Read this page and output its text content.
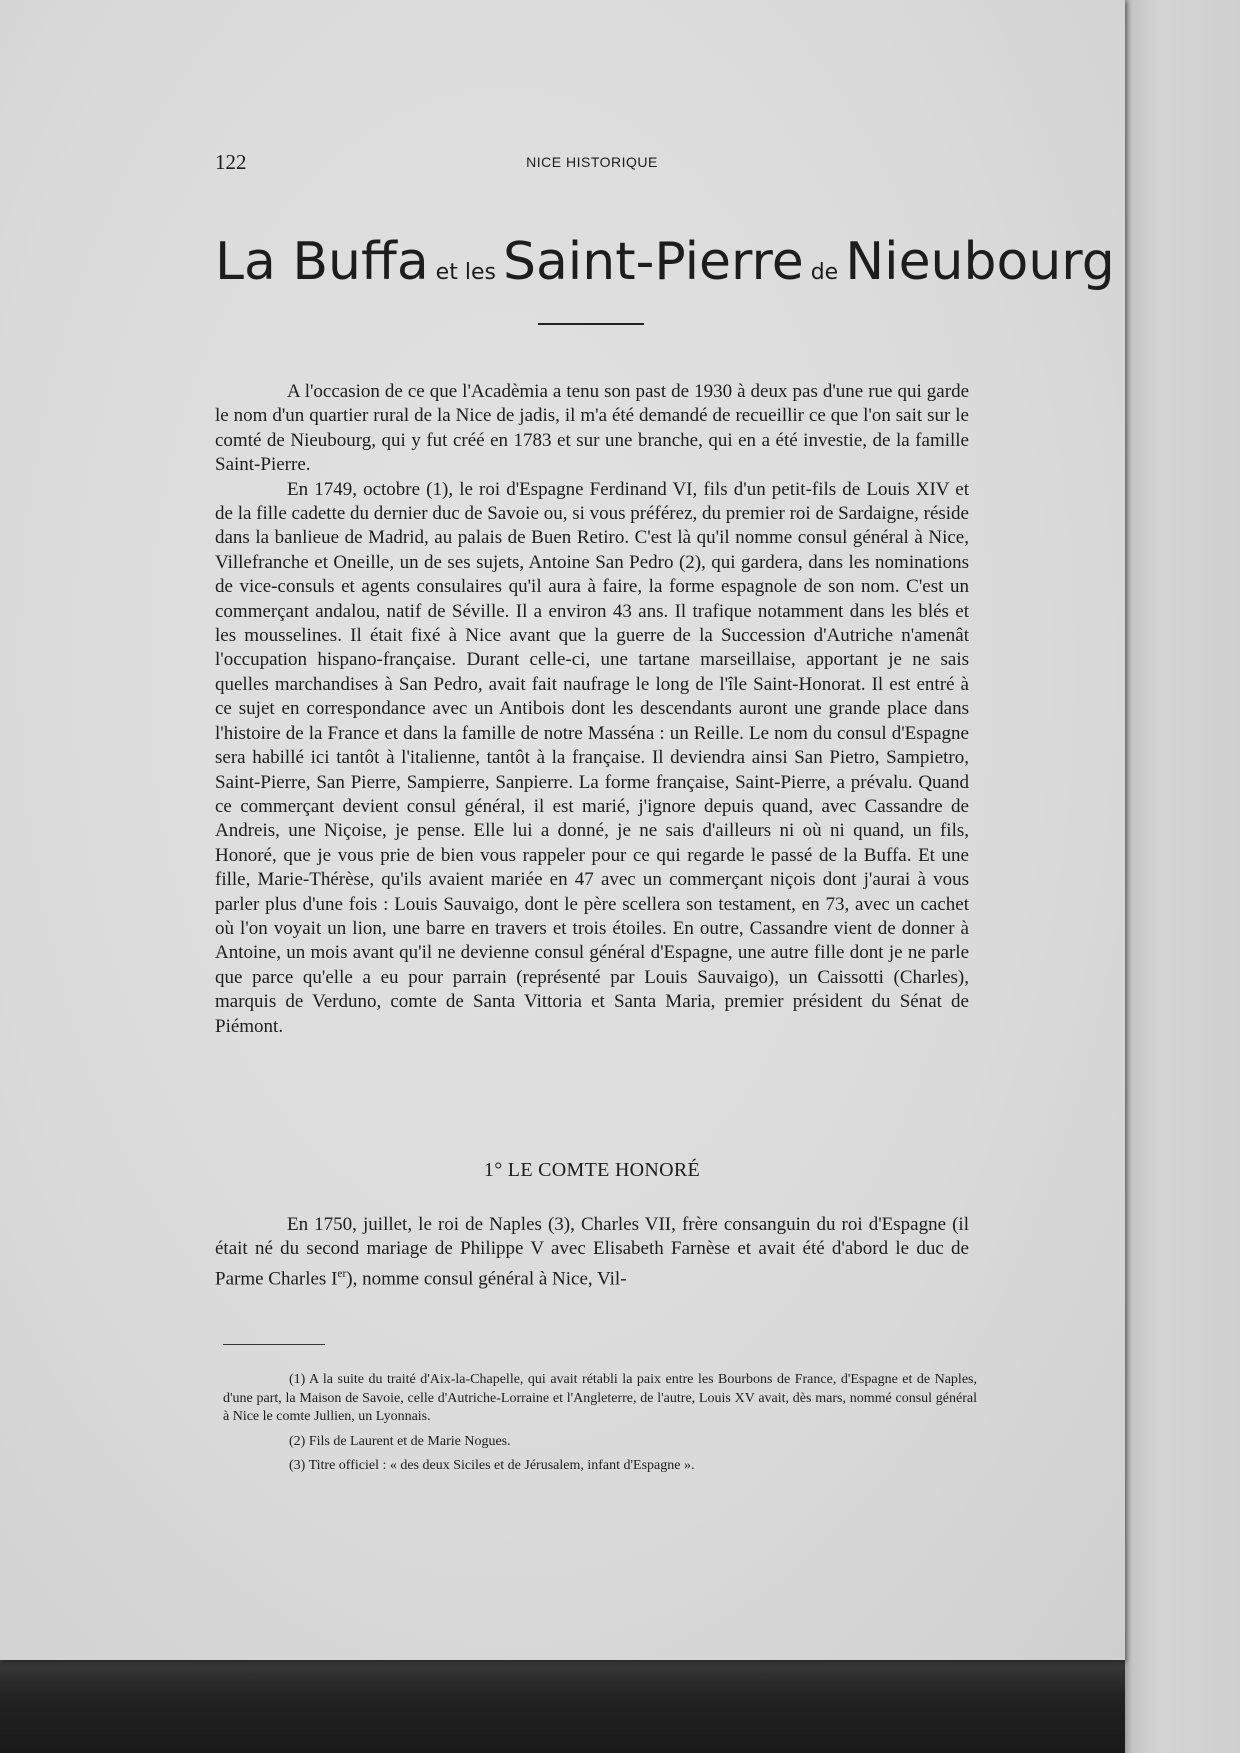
122	NICE HISTORIQUE
La Buffa et les Saint-Pierre de Nieubourg

A l'occasion de ce que l'Acadèmia a tenu son past de 1930 à deux pas d'une rue qui garde le nom d'un quartier rural de la Nice de jadis, il m'a été demandé de recueillir ce que l'on sait sur le comté de Nieubourg, qui y fut créé en 1783 et sur une branche, qui en a été investie, de la famille Saint-Pierre.

En 1749, octobre (1), le roi d'Espagne Ferdinand VI, fils d'un petit-fils de Louis XIV et de la fille cadette du dernier duc de Savoie ou, si vous préférez, du premier roi de Sardaigne, réside dans la banlieue de Madrid, au palais de Buen Retiro. C'est là qu'il nomme consul général à Nice, Villefranche et Oneille, un de ses sujets, Antoine San Pedro (2), qui gardera, dans les nominations de vice-consuls et agents consulaires qu'il aura à faire, la forme espagnole de son nom. C'est un commerçant andalou, natif de Séville. Il a environ 43 ans. Il trafique notamment dans les blés et les mousselines. Il était fixé à Nice avant que la guerre de la Succession d'Autriche n'amenât l'occupation hispano-française. Durant celle-ci, une tartane marseillaise, apportant je ne sais quelles marchandises à San Pedro, avait fait naufrage le long de l'île Saint-Honorat. Il est entré à ce sujet en correspondance avec un Antibois dont les descendants auront une grande place dans l'histoire de la France et dans la famille de notre Masséna : un Reille. Le nom du consul d'Espagne sera habillé ici tantôt à l'italienne, tantôt à la française. Il deviendra ainsi San Pietro, Sampietro, Saint-Pierre, San Pierre, Sampierre, Sanpierre. La forme française, Saint-Pierre, a prévalu. Quand ce commerçant devient consul général, il est marié, j'ignore depuis quand, avec Cassandre de Andreis, une Niçoise, je pense. Elle lui a donné, je ne sais d'ailleurs ni où ni quand, un fils, Honoré, que je vous prie de bien vous rappeler pour ce qui regarde le passé de la Buffa. Et une fille, Marie-Thérèse, qu'ils avaient mariée en 47 avec un commerçant niçois dont j'aurai à vous parler plus d'une fois : Louis Sauvaigo, dont le père scellera son testament, en 73, avec un cachet où l'on voyait un lion, une barre en travers et trois étoiles. En outre, Cassandre vient de donner à Antoine, un mois avant qu'il ne devienne consul général d'Espagne, une autre fille dont je ne parle que parce qu'elle a eu pour parrain (représenté par Louis Sauvaigo), un Caissotti (Charles), marquis de Verduno, comte de Santa Vittoria et Santa Maria, premier président du Sénat de Piémont.

1° LE COMTE HONORÉ

En 1750, juillet, le roi de Naples (3), Charles VII, frère consanguin du roi d'Espagne (il était né du second mariage de Philippe V avec Elisabeth Farnèse et avait été d'abord le duc de Parme Charles Ier), nomme consul général à Nice, Vil-

(1) A la suite du traité d'Aix-la-Chapelle, qui avait rétabli la paix entre les Bourbons de France, d'Espagne et de Naples, d'une part, la Maison de Savoie, celle d'Autriche-Lorraine et l'Angleterre, de l'autre, Louis XV avait, dès mars, nommé consul général à Nice le comte Jullien, un Lyonnais.

(2) Fils de Laurent et de Marie Nogues.

(3) Titre officiel : « des deux Siciles et de Jérusalem, infant d'Espagne ».
